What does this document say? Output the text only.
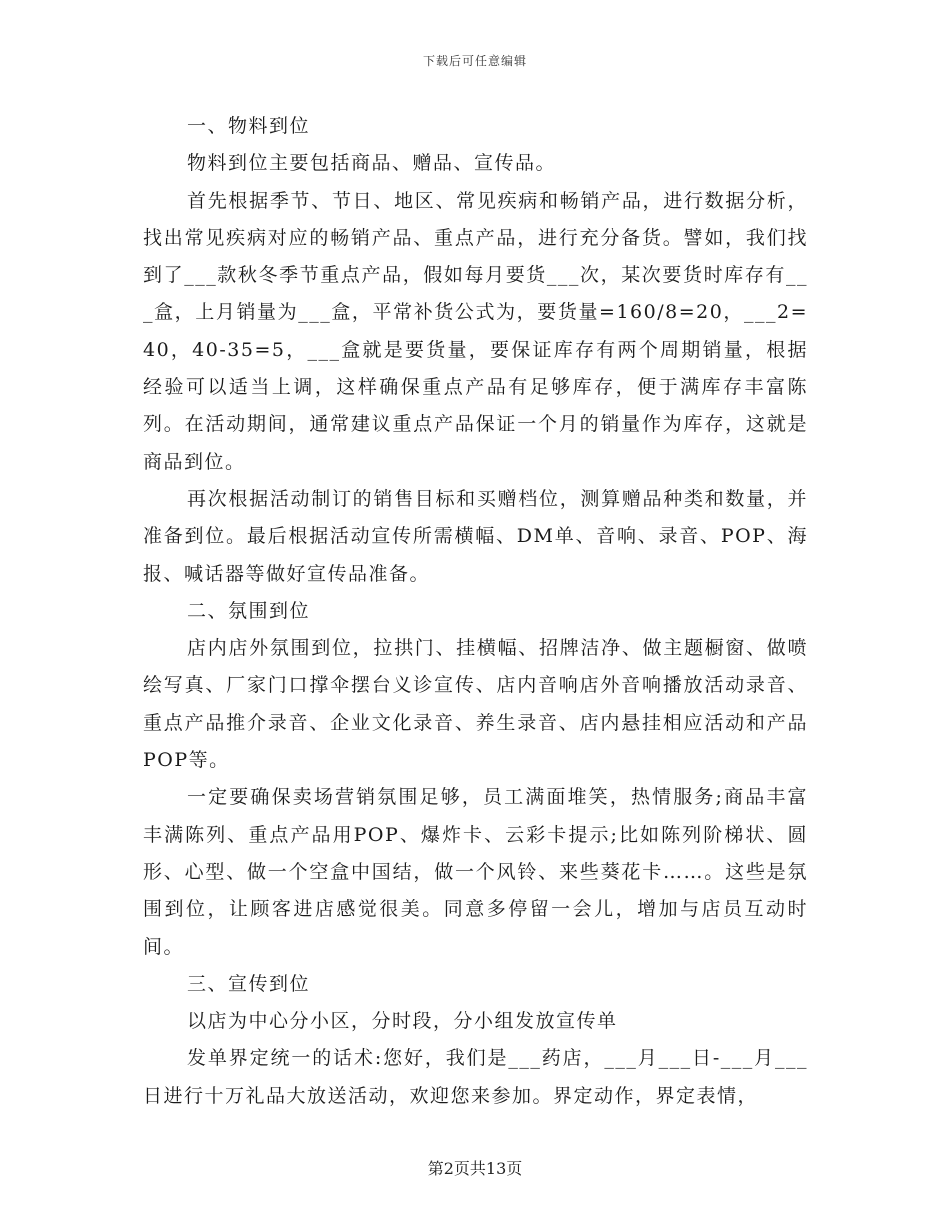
下载后可任意编辑

一、物料到位

物料到位主要包括商品、赠品、宣传品。

首先根据季节、节日、地区、常见疾病和畅销产品，进行数据分析，找出常见疾病对应的畅销产品、重点产品，进行充分备货。譬如，我们找到了___款秋冬季节重点产品，假如每月要货___次，某次要货时库存有___盒，上月销量为___盒，平常补货公式为，要货量=160/8=20，___2=40，40-35=5，___盒就是要货量，要保证库存有两个周期销量，根据经验可以适当上调，这样确保重点产品有足够库存，便于满库存丰富陈列。在活动期间，通常建议重点产品保证一个月的销量作为库存，这就是商品到位。

再次根据活动制订的销售目标和买赠档位，测算赠品种类和数量，并准备到位。最后根据活动宣传所需横幅、DM单、音响、录音、POP、海报、喊话器等做好宣传品准备。

二、氛围到位

店内店外氛围到位，拉拱门、挂横幅、招牌洁净、做主题橱窗、做喷绘写真、厂家门口撑伞摆台义诊宣传、店内音响店外音响播放活动录音、重点产品推介录音、企业文化录音、养生录音、店内悬挂相应活动和产品POP等。

一定要确保卖场营销氛围足够，员工满面堆笑，热情服务;商品丰富丰满陈列、重点产品用POP、爆炸卡、云彩卡提示;比如陈列阶梯状、圆形、心型、做一个空盒中国结，做一个风铃、来些葵花卡……。这些是氛围到位，让顾客进店感觉很美。同意多停留一会儿，增加与店员互动时间。

三、宣传到位

以店为中心分小区，分时段，分小组发放宣传单

发单界定统一的话术:您好，我们是___药店，___月___日-___月___日进行十万礼品大放送活动，欢迎您来参加。界定动作，界定表情，

第2页共13页
